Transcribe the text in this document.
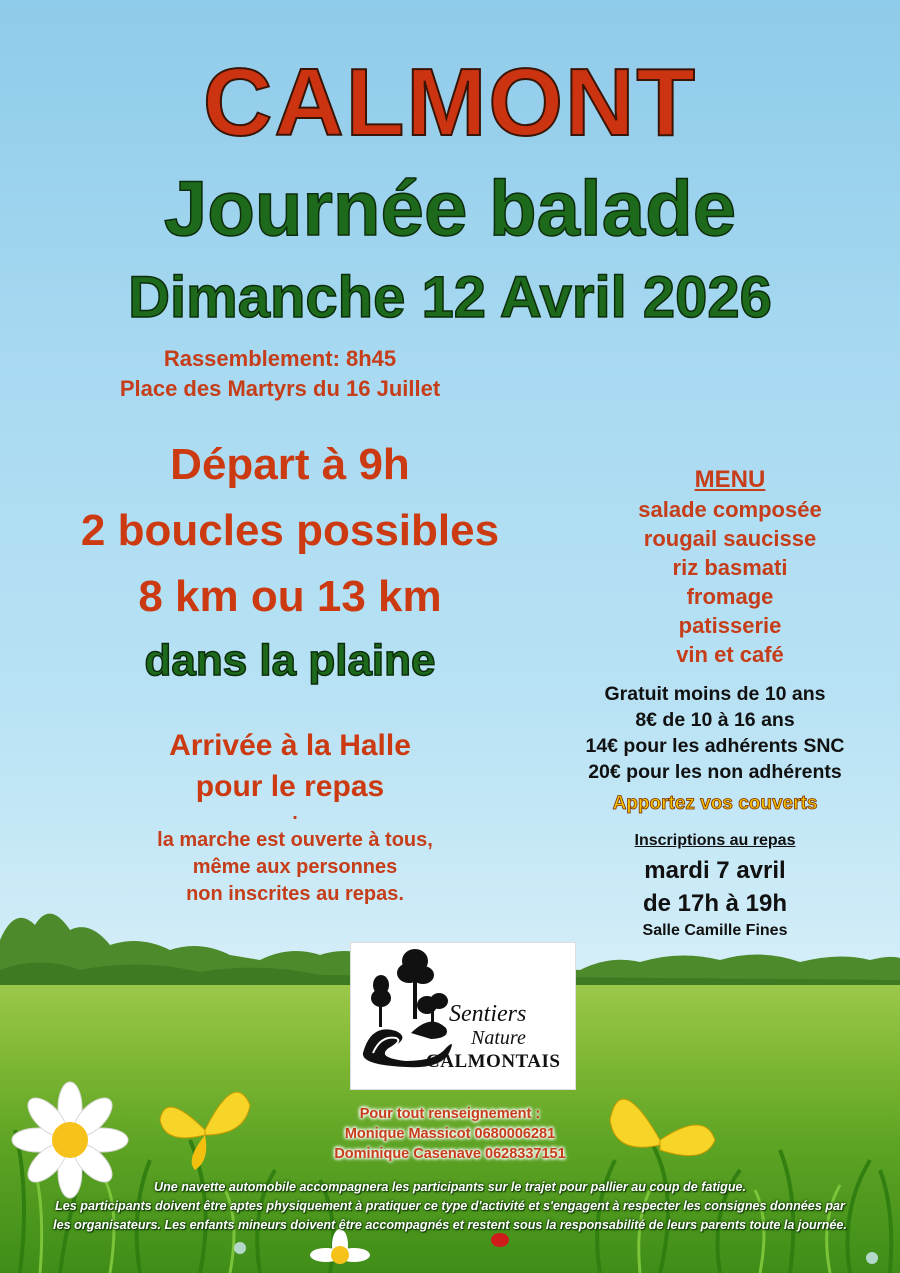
CALMONT
Journée balade
Dimanche 12 Avril 2026
Rassemblement: 8h45
Place des Martyrs du 16 Juillet
Départ à 9h
2 boucles possibles
8 km ou 13 km
dans la plaine
Arrivée à la Halle
pour le repas
.
la marche est ouverte à tous,
même aux personnes
non inscrites au repas.
MENU
salade composée
rougail saucisse
riz basmati
fromage
patisserie
vin et café
Gratuit moins de 10 ans
8€ de 10 à 16 ans
14€ pour les adhérents SNC
20€ pour les non adhérents
Apportez vos couverts
Inscriptions au repas
mardi 7 avril
de 17h à 19h
Salle Camille Fines
Sentiers
Nature
CALMONTAIS
Pour tout renseignement :
Monique Massicot 0680006281
Dominique Casenave 0628337151
Une navette automobile accompagnera les participants sur le trajet pour pallier au coup de fatigue.
Les participants doivent être aptes physiquement à pratiquer ce type d'activité et s'engagent à respecter les consignes données par
les organisateurs. Les enfants mineurs doivent être accompagnés et restent sous la responsabilité de leurs parents toute la journée.
